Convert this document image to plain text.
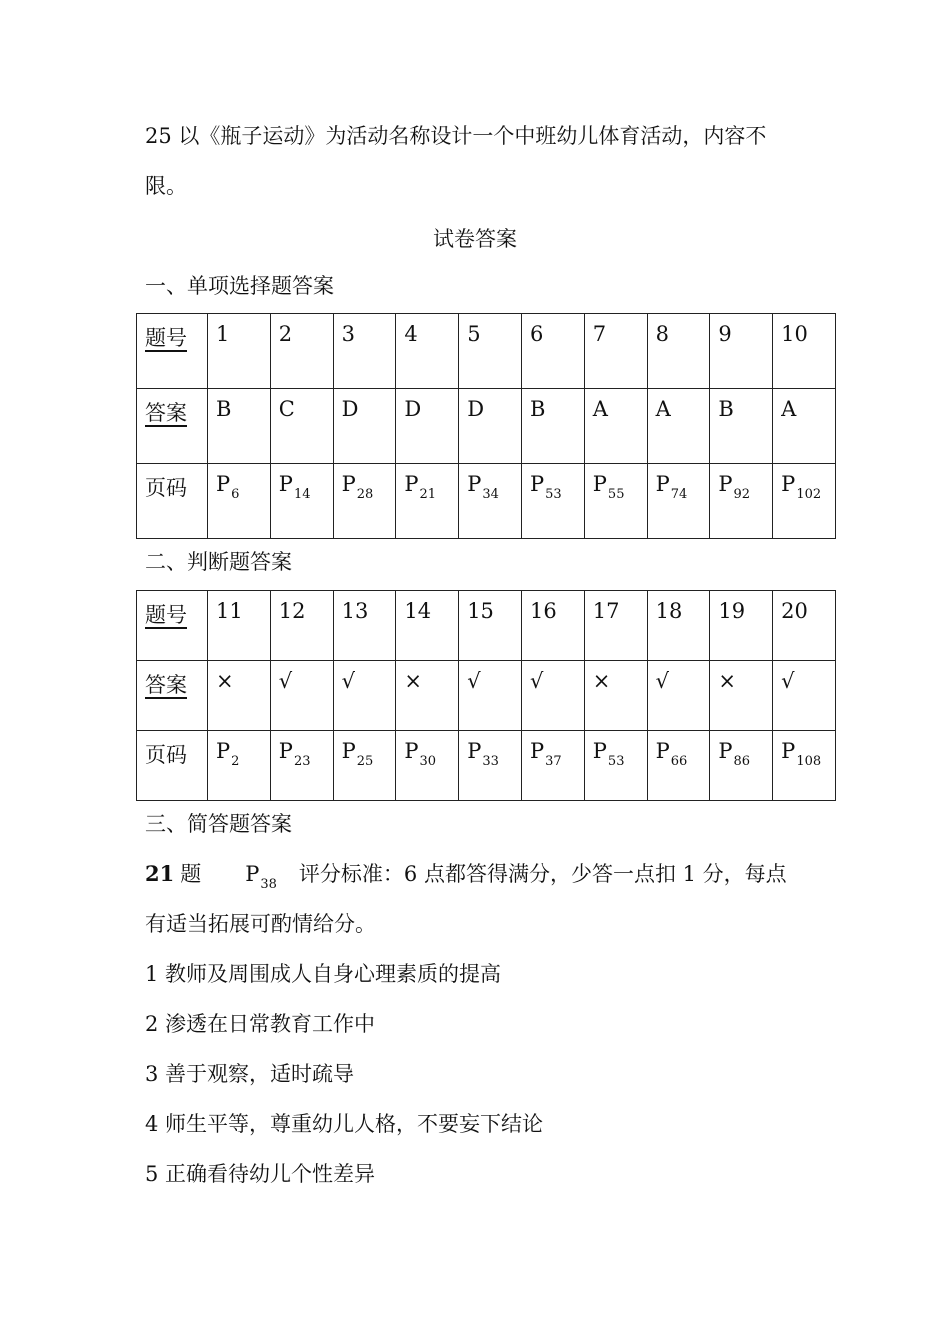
25 以《瓶子运动》为活动名称设计一个中班幼儿体育活动，内容不
限。
试卷答案
一、单项选择题答案
题号	1	2	3	4	5	6	7	8	9	10
答案	B	C	D	D	D	B	A	A	B	A
页码	$P_6$	$P_{14}$	$P_{28}$	$P_{21}$	$P_{34}$	$P_{53}$	$P_{55}$	$P_{74}$	$P_{92}$	$P_{102}$
二、判断题答案
题号	11	12	13	14	15	16	17	18	19	20
答案	×	√	√	×	√	√	×	√	×	√
页码	$P_2$	$P_{23}$	$P_{25}$	$P_{30}$	$P_{33}$	$P_{37}$	$P_{53}$	$P_{66}$	$P_{86}$	$P_{108}$
三、简答题答案
21 题 $P_{38}$ 评分标准：6 点都答得满分，少答一点扣 1 分，每点
有适当拓展可酌情给分。
1 教师及周围成人自身心理素质的提高
2 渗透在日常教育工作中
3 善于观察，适时疏导
4 师生平等，尊重幼儿人格，不要妄下结论
5 正确看待幼儿个性差异
